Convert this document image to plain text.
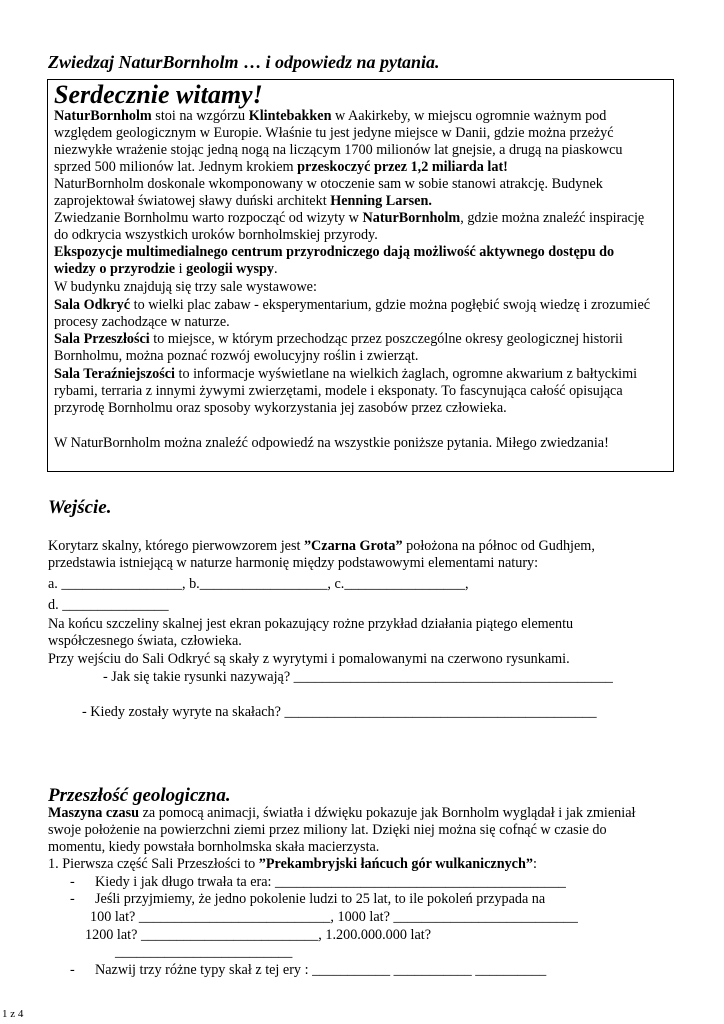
Zwiedzaj NaturBornholm … i odpowiedz na pytania.
Serdecznie witamy!
NaturBornholm stoi na wzgórzu Klintebakken w Aakirkeby, w miejscu ogromnie ważnym pod
względem geologicznym w Europie. Właśnie tu jest jedyne miejsce w Danii, gdzie można przeżyć
niezwykłe wrażenie stojąc jedną nogą na liczącym 1700 milionów lat gnejsie, a drugą na piaskowcu
sprzed 500 milionów lat. Jednym krokiem przeskoczyć przez 1,2 miliarda lat!
NaturBornholm doskonale wkomponowany w otoczenie sam w sobie stanowi atrakcję. Budynek
zaprojektował światowej sławy duński architekt Henning Larsen.
Zwiedzanie Bornholmu warto rozpocząć od wizyty w NaturBornholm, gdzie można znaleźć inspirację
do odkrycia wszystkich uroków bornholmskiej przyrody.
Ekspozycje multimedialnego centrum przyrodniczego dają możliwość aktywnego dostępu do
wiedzy o przyrodzie i geologii wyspy.
W budynku znajdują się trzy sale wystawowe:
Sala Odkryć to wielki plac zabaw - eksperymentarium, gdzie można pogłębić swoją wiedzę i zrozumieć
procesy zachodzące w naturze.
Sala Przeszłości to miejsce, w którym przechodząc przez poszczególne okresy geologicznej historii
Bornholmu, można poznać rozwój ewolucyjny roślin i zwierząt.
Sala Teraźniejszości to informacje wyświetlane na wielkich żaglach, ogromne akwarium z bałtyckimi
rybami, terraria z innymi żywymi zwierzętami, modele i eksponaty. To fascynująca całość opisująca
przyrodę Bornholmu oraz sposoby wykorzystania jej zasobów przez człowieka.
W NaturBornholm można znaleźć odpowiedź na wszystkie poniższe pytania. Miłego zwiedzania!
Wejście.
Korytarz skalny, którego pierwowzorem jest ”Czarna Grota” położona na północ od Gudhjem,
przedstawia istniejącą w naturze harmonię między podstawowymi elementami natury:
a. _________________, b.__________________, c._________________,
d. _______________
Na końcu szczeliny skalnej jest ekran pokazujący rożne przykład działania piątego elementu
współczesnego świata, człowieka.
Przy wejściu do Sali Odkryć są skały z wyrytymi i pomalowanymi na czerwono rysunkami.
- Jak się takie rysunki nazywają? _____________________________________________
- Kiedy zostały wyryte na skałach? ____________________________________________
Przeszłość geologiczna.
Maszyna czasu za pomocą animacji, światła i dźwięku pokazuje jak Bornholm wyglądał i jak zmieniał
swoje położenie na powierzchni ziemi przez miliony lat. Dzięki niej można się cofnąć w czasie do
momentu, kiedy powstała bornholmska skała macierzysta.
1. Pierwsza część Sali Przeszłości to ”Prekambryjski łańcuch gór wulkanicznych”:
- Kiedy i jak długo trwała ta era: _________________________________________
- Jeśli przyjmiemy, że jedno pokolenie ludzi to 25 lat, to ile pokoleń przypada na
100 lat? ___________________________, 1000 lat? __________________________
1200 lat? _________________________, 1.200.000.000 lat?
_________________________
- Nazwij trzy różne typy skał z tej ery : ___________ ___________ __________
1 z 4
